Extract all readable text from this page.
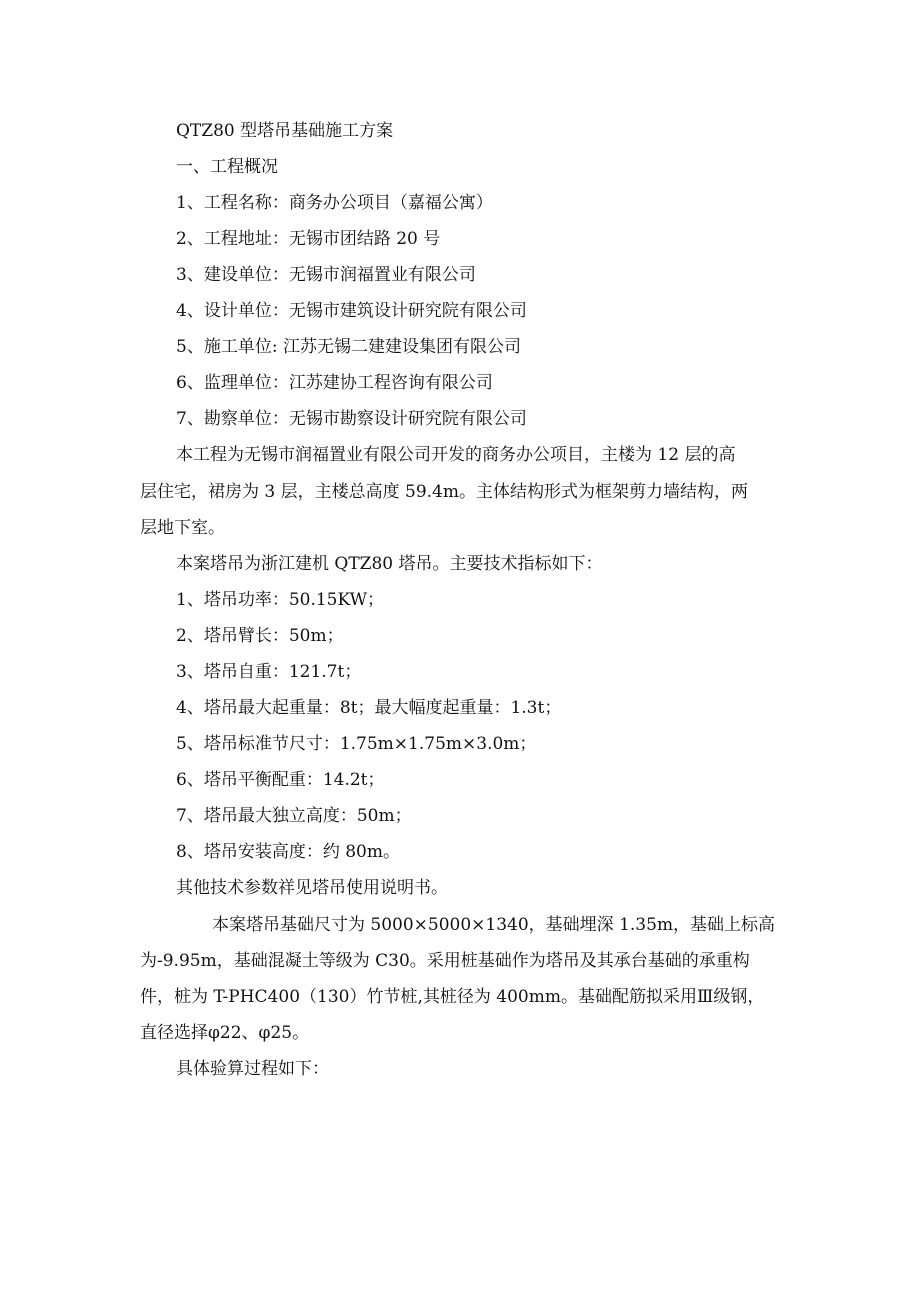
QTZ80 型塔吊基础施工方案
一、工程概况
1、工程名称：商务办公项目（嘉福公寓）
2、工程地址：无锡市团结路 20 号
3、建设单位：无锡市润福置业有限公司
4、设计单位：无锡市建筑设计研究院有限公司
5、施工单位: 江苏无锡二建建设集团有限公司
6、监理单位：江苏建协工程咨询有限公司
7、勘察单位：无锡市勘察设计研究院有限公司
本工程为无锡市润福置业有限公司开发的商务办公项目，主楼为 12 层的高
层住宅，裙房为 3 层，主楼总高度 59.4m。主体结构形式为框架剪力墙结构，两
层地下室。
本案塔吊为浙江建机 QTZ80 塔吊。主要技术指标如下：
1、塔吊功率：50.15KW；
2、塔吊臂长：50m；
3、塔吊自重：121.7t；
4、塔吊最大起重量：8t；最大幅度起重量：1.3t；
5、塔吊标准节尺寸：1.75m×1.75m×3.0m；
6、塔吊平衡配重：14.2t；
7、塔吊最大独立高度：50m；
8、塔吊安装高度：约 80m。
其他技术参数祥见塔吊使用说明书。
本案塔吊基础尺寸为 5000×5000×1340，基础埋深 1.35m，基础上标高
为-9.95m，基础混凝土等级为 C30。采用桩基础作为塔吊及其承台基础的承重构
件，桩为 T-PHC400（130）竹节桩,其桩径为 400mm。基础配筋拟采用Ⅲ级钢，
直径选择φ22、φ25。
具体验算过程如下：
